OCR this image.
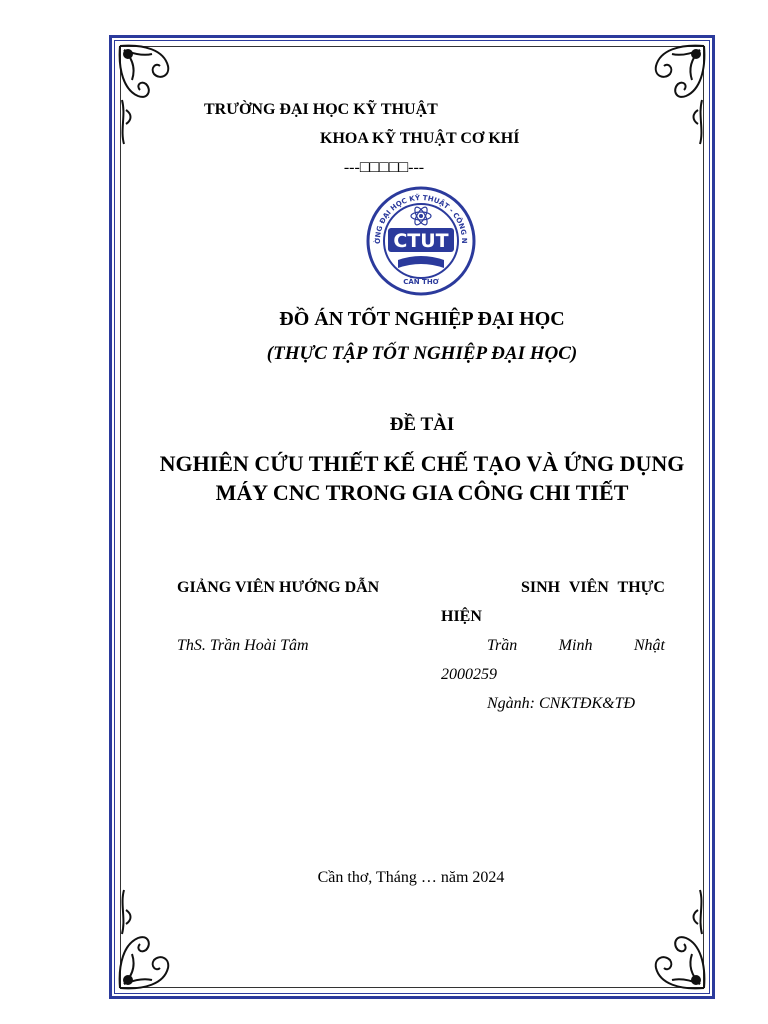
TRƯỜNG ĐẠI HỌC KỸ THUẬT
KHOA KỸ THUẬT CƠ KHÍ
---□□□□□---
ỜNG ĐẠI HỌC KỸ THUẬT - CÔNG N
CTUT
CẦN THƠ
ĐỒ ÁN TỐT NGHIỆP ĐẠI HỌC
(THỰC TẬP TỐT NGHIỆP ĐẠI HỌC)
ĐỀ TÀI
NGHIÊN CỨU THIẾT KẾ CHẾ TẠO VÀ ỨNG DỤNG
MÁY CNC TRONG GIA CÔNG CHI TIẾT
GIẢNG VIÊN HƯỚNG DẪN	SINH VIÊN THỰC
HIỆN
ThS. Trần Hoài Tâm	Trần	Minh	Nhật
2000259
Ngành: CNKTĐK&TĐ
Cần thơ, Tháng … năm 2024
